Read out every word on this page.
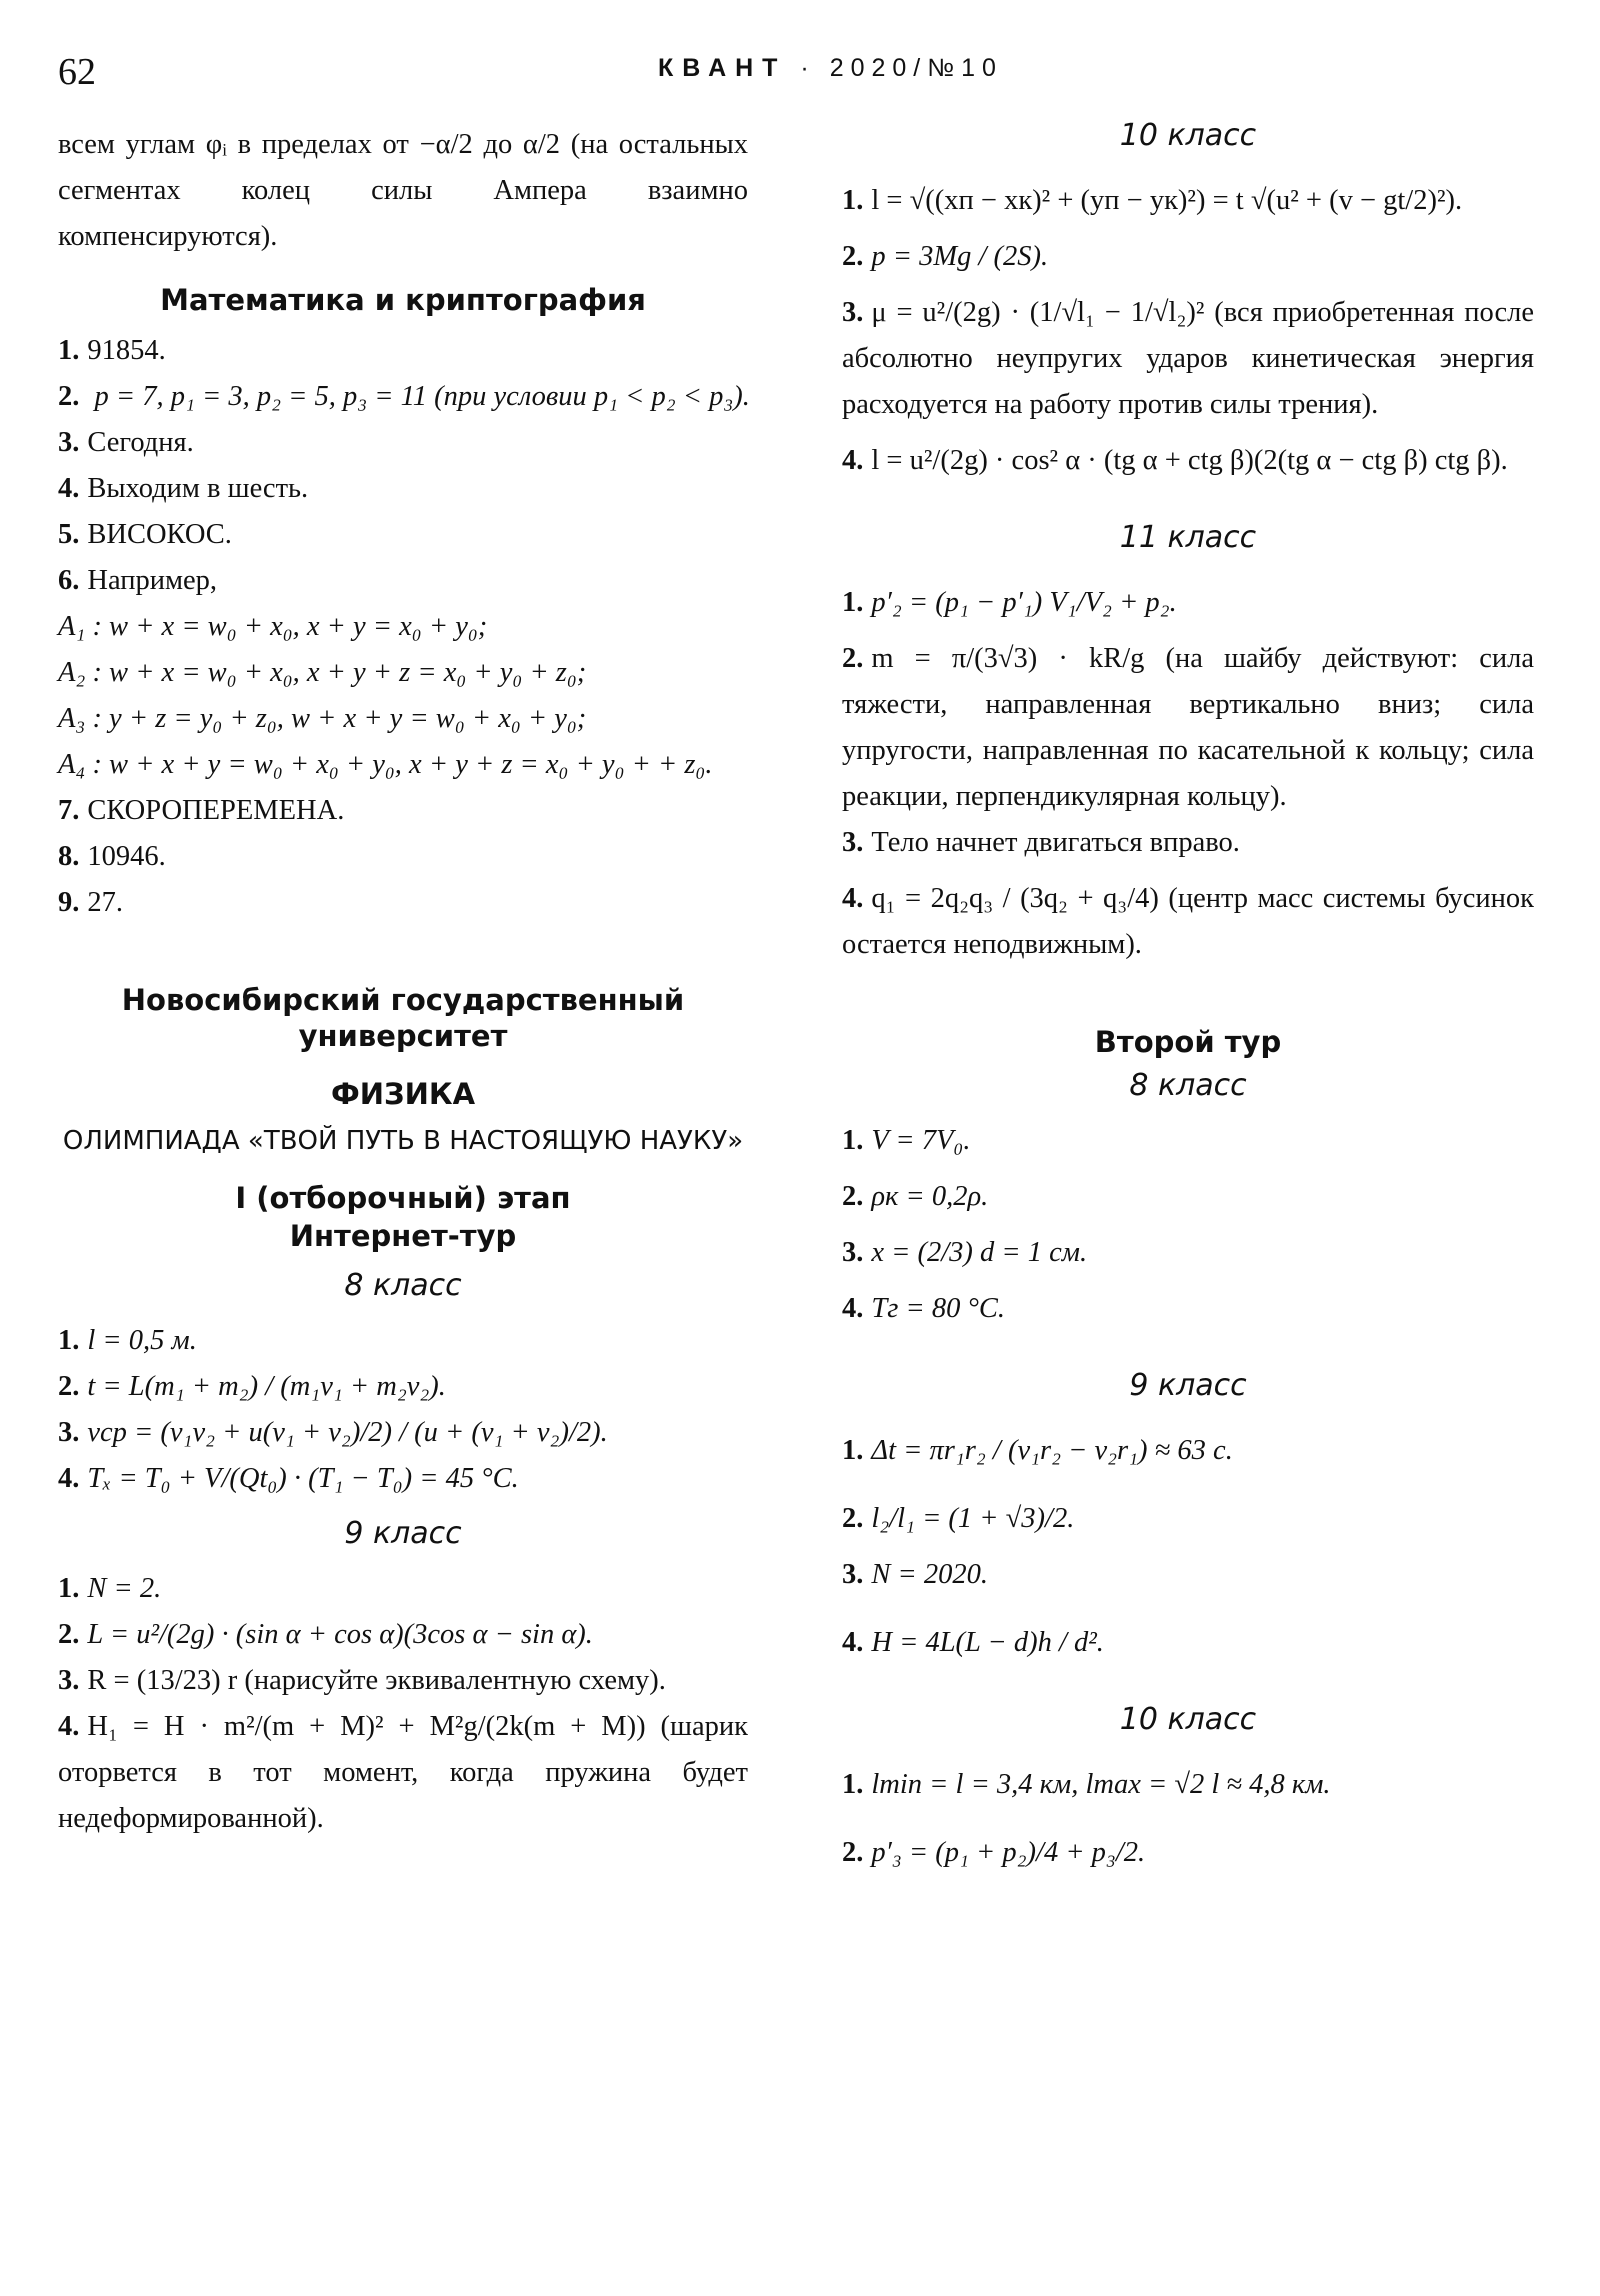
62	КВАНТ · 2020/№10

всем углам φᵢ в пределах от −α/2 до α/2 (на остальных сегментах колец силы Ампера взаимно компенсируются).

Математика и криптография

1. 91854.

2. p = 7, p₁ = 3, p₂ = 5, p₃ = 11 (при условии p₁ < p₂ < p₃).

3. Сегодня.

4. Выходим в шесть.

5. ВИСОКОС.

6. Например,

A₁ : w + x = w₀ + x₀, x + y = x₀ + y₀;

A₂ : w + x = w₀ + x₀, x + y + z = x₀ + y₀ + z₀;

A₃ : y + z = y₀ + z₀, w + x + y = w₀ + x₀ + y₀;

A₄ : w + x + y = w₀ + x₀ + y₀, x + y + z = x₀ + y₀ + + z₀.

7. СКОРОПЕРЕМЕНА.

8. 10946.

9. 27.

Новосибирский государственный университет
ФИЗИКА
ОЛИМПИАДА «ТВОЙ ПУТЬ В НАСТОЯЩУЮ НАУКУ»
I (отборочный) этап
Интернет-тур
8 класс

1. l = 0,5 м.

2. t = L(m₁ + m₂) / (m₁v₁ + m₂v₂).

3. vср = (v₁v₂ + u(v₁ + v₂)/2) / (u + (v₁ + v₂)/2).

4. Tₓ = T₀ + V/(Qt₀) · (T₁ − T₀) = 45 °C.

9 класс

1. N = 2.

2. L = u²/(2g) · (sin α + cos α)(3cos α − sin α).

3. R = (13/23) r (нарисуйте эквивалентную схему).

4. H₁ = H · m²/(m + M)² + M²g/(2k(m + M)) (шарик оторвется в тот момент, когда пружина будет недеформированной).

10 класс

1. l = √((xп − xк)² + (yп − yк)²) = t √(u² + (v − gt/2)²).

2. p = 3Mg / (2S).

3. μ = u²/(2g) · (1/√l₁ − 1/√l₂)² (вся приобретенная после абсолютно неупругих ударов кинетическая энергия расходуется на работу против силы трения).

4. l = u²/(2g) · cos² α · (tg α + ctg β)(2(tg α − ctg β) ctg β).

11 класс

1. p′₂ = (p₁ − p′₁) V₁/V₂ + p₂.

2. m = π/(3√3) · kR/g (на шайбу действуют: сила тяжести, направленная вертикально вниз; сила упругости, направленная по касательной к кольцу; сила реакции, перпендикулярная кольцу).

3. Тело начнет двигаться вправо.

4. q₁ = 2q₂q₃ / (3q₂ + q₃/4) (центр масс системы бусинок остается неподвижным).

Второй тур
8 класс

1. V = 7V₀.

2. ρк = 0,2ρ.

3. x = (2/3) d = 1 см.

4. Tг = 80 °C.

9 класс

1. Δt = πr₁r₂ / (v₁r₂ − v₂r₁) ≈ 63 с.

2. l₂/l₁ = (1 + √3)/2.

3. N = 2020.

4. H = 4L(L − d)h / d².

10 класс

1. lmin = l = 3,4 км, lmax = √2 l ≈ 4,8 км.

2. p′₃ = (p₁ + p₂)/4 + p₃/2.
